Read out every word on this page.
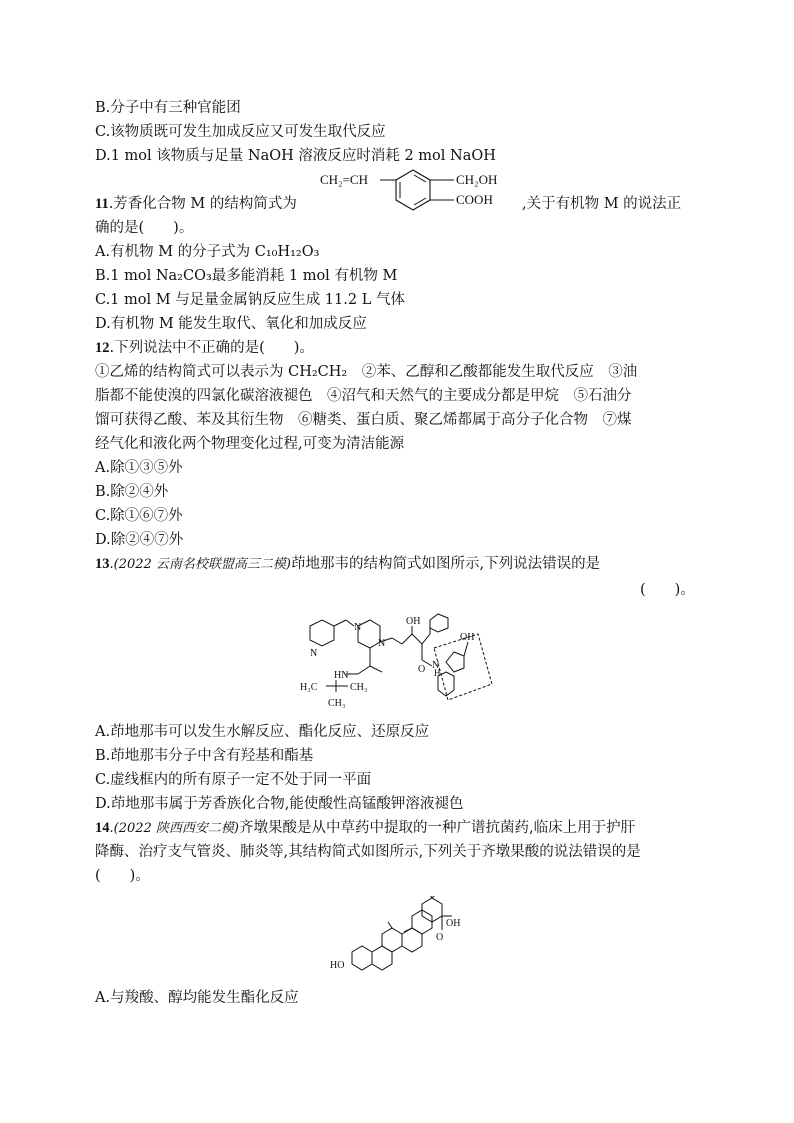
B.分子中有三种官能团
C.该物质既可发生加成反应又可发生取代反应
D.1 mol 该物质与足量 NaOH 溶液反应时消耗 2 mol NaOH
11.芳香化合物 M 的结构简式为	,关于有机物 M 的说法正
CH₂=CH	CH₂OH
COOH
确的是(　　)。
A.有机物 M 的分子式为 C₁₀H₁₂O₃
B.1 mol Na₂CO₃最多能消耗 1 mol 有机物 M
C.1 mol M 与足量金属钠反应生成 11.2 L 气体
D.有机物 M 能发生取代、氧化和加成反应
12.下列说法中不正确的是(　　)。
①乙烯的结构简式可以表示为 CH₂CH₂　②苯、乙醇和乙酸都能发生取代反应　③油
脂都不能使溴的四氯化碳溶液褪色　④沼气和天然气的主要成分都是甲烷　⑤石油分
馏可获得乙酸、苯及其衍生物　⑥糖类、蛋白质、聚乙烯都属于高分子化合物　⑦煤
经气化和液化两个物理变化过程,可变为清洁能源
A.除①③⑤外
B.除②④外
C.除①⑥⑦外
D.除②④⑦外
13.(2022 云南名校联盟高三二模)茚地那韦的结构简式如图所示,下列说法错误的是
(　　)。
N
N
N
OH
OH
O N
H
HN
H₃C	CH₃
CH₃
A.茚地那韦可以发生水解反应、酯化反应、还原反应
B.茚地那韦分子中含有羟基和酯基
C.虚线框内的所有原子一定不处于同一平面
D.茚地那韦属于芳香族化合物,能使酸性高锰酸钾溶液褪色
14.(2022 陕西西安二模)齐墩果酸是从中草药中提取的一种广谱抗菌药,临床上用于护肝
降酶、治疗支气管炎、肺炎等,其结构简式如图所示,下列关于齐墩果酸的说法错误的是
(　　)。
OH
O
HO
A.与羧酸、醇均能发生酯化反应
